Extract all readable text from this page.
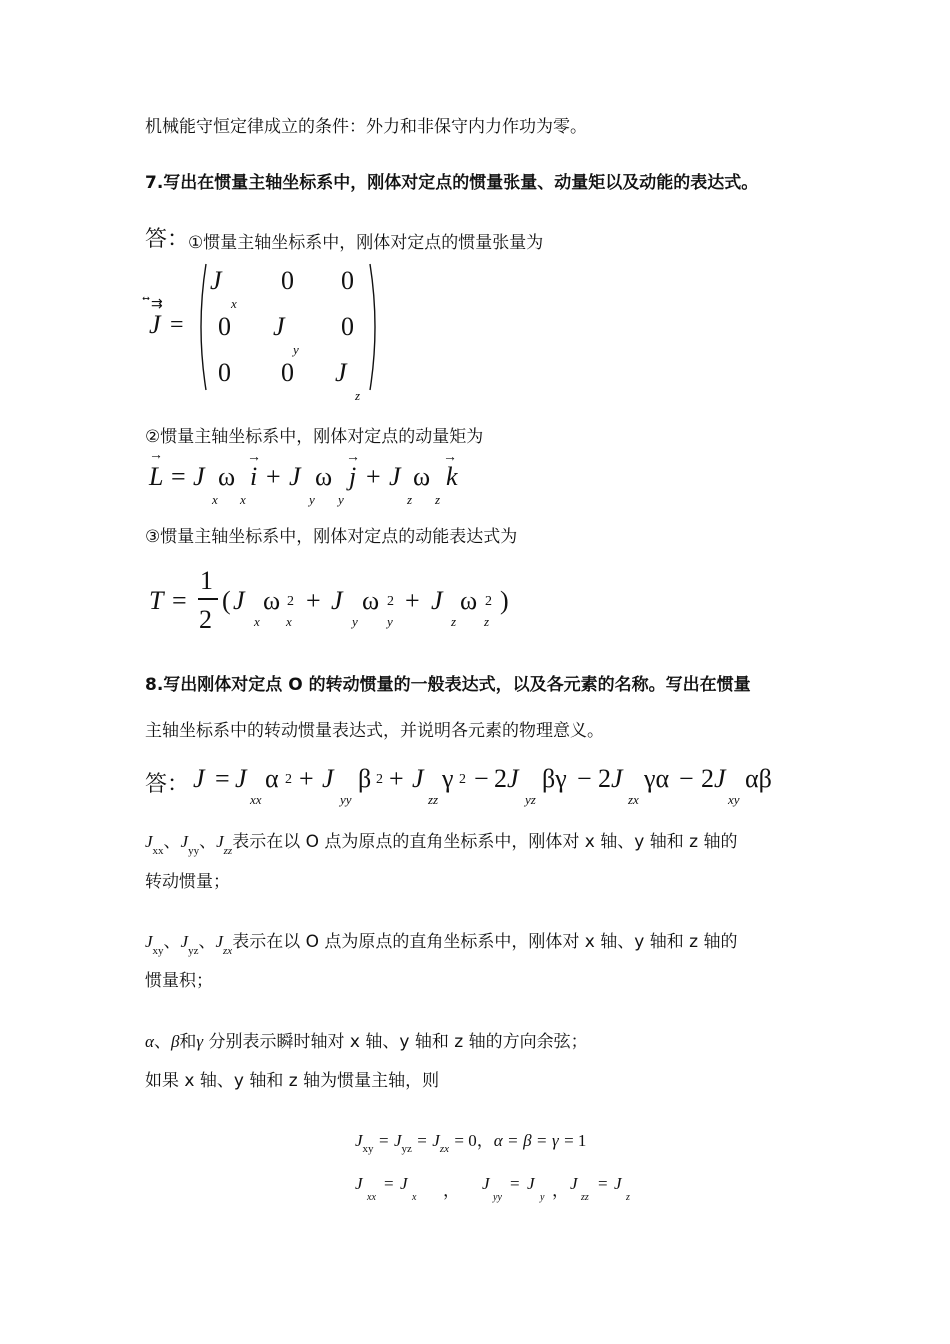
机械能守恒定律成立的条件：外力和非保守内力作功为零。
7.写出在惯量主轴坐标系中，刚体对定点的惯量张量、动量矩以及动能的表达式。
答：
①惯量主轴坐标系中，刚体对定点的惯量张量为
J
⇉
=
J
x
0 0
0 J
y
0
0 0 J
z
②惯量主轴坐标系中，刚体对定点的动量矩为
→
L = J
x
ω
x
→
i + J
y
ω
y
→
j + J
z
ω
z
→
k
③惯量主轴坐标系中，刚体对定点的动能表达式为
T =
1
2
( J
x
ω 2
x
+ J
y
ω 2
y
+ J
z
ω 2
z
)
8.写出刚体对定点 O 的转动惯量的一般表达式，以及各元素的名称。写出在惯量
主轴坐标系中的转动惯量表达式，并说明各元素的物理意义。
答： J = J
xx
α 2 + J
yy
β 2 + J
zz
γ 2 − 2J
yz
βγ − 2J
zx
γα − 2J
xy
αβ
$J_{xx}$、$J_{yy}$、$J_{zz}$表示在以 O 点为原点的直角坐标系中，刚体对 x 轴、y 轴和 z 轴的
转动惯量；
$J_{xy}$、$J_{yz}$、$J_{zx}$表示在以 O 点为原点的直角坐标系中，刚体对 x 轴、y 轴和 z 轴的
惯量积；
α、β和γ 分别表示瞬时轴对 x 轴、y 轴和 z 轴的方向余弦；
如果 x 轴、y 轴和 z 轴为惯量主轴，则
$J_{xy} = J_{yz} = J_{zx} = 0$，α = β = γ = 1
J
xx
= J
x ， J
yy
= J
y ， J
zz
= J
z
